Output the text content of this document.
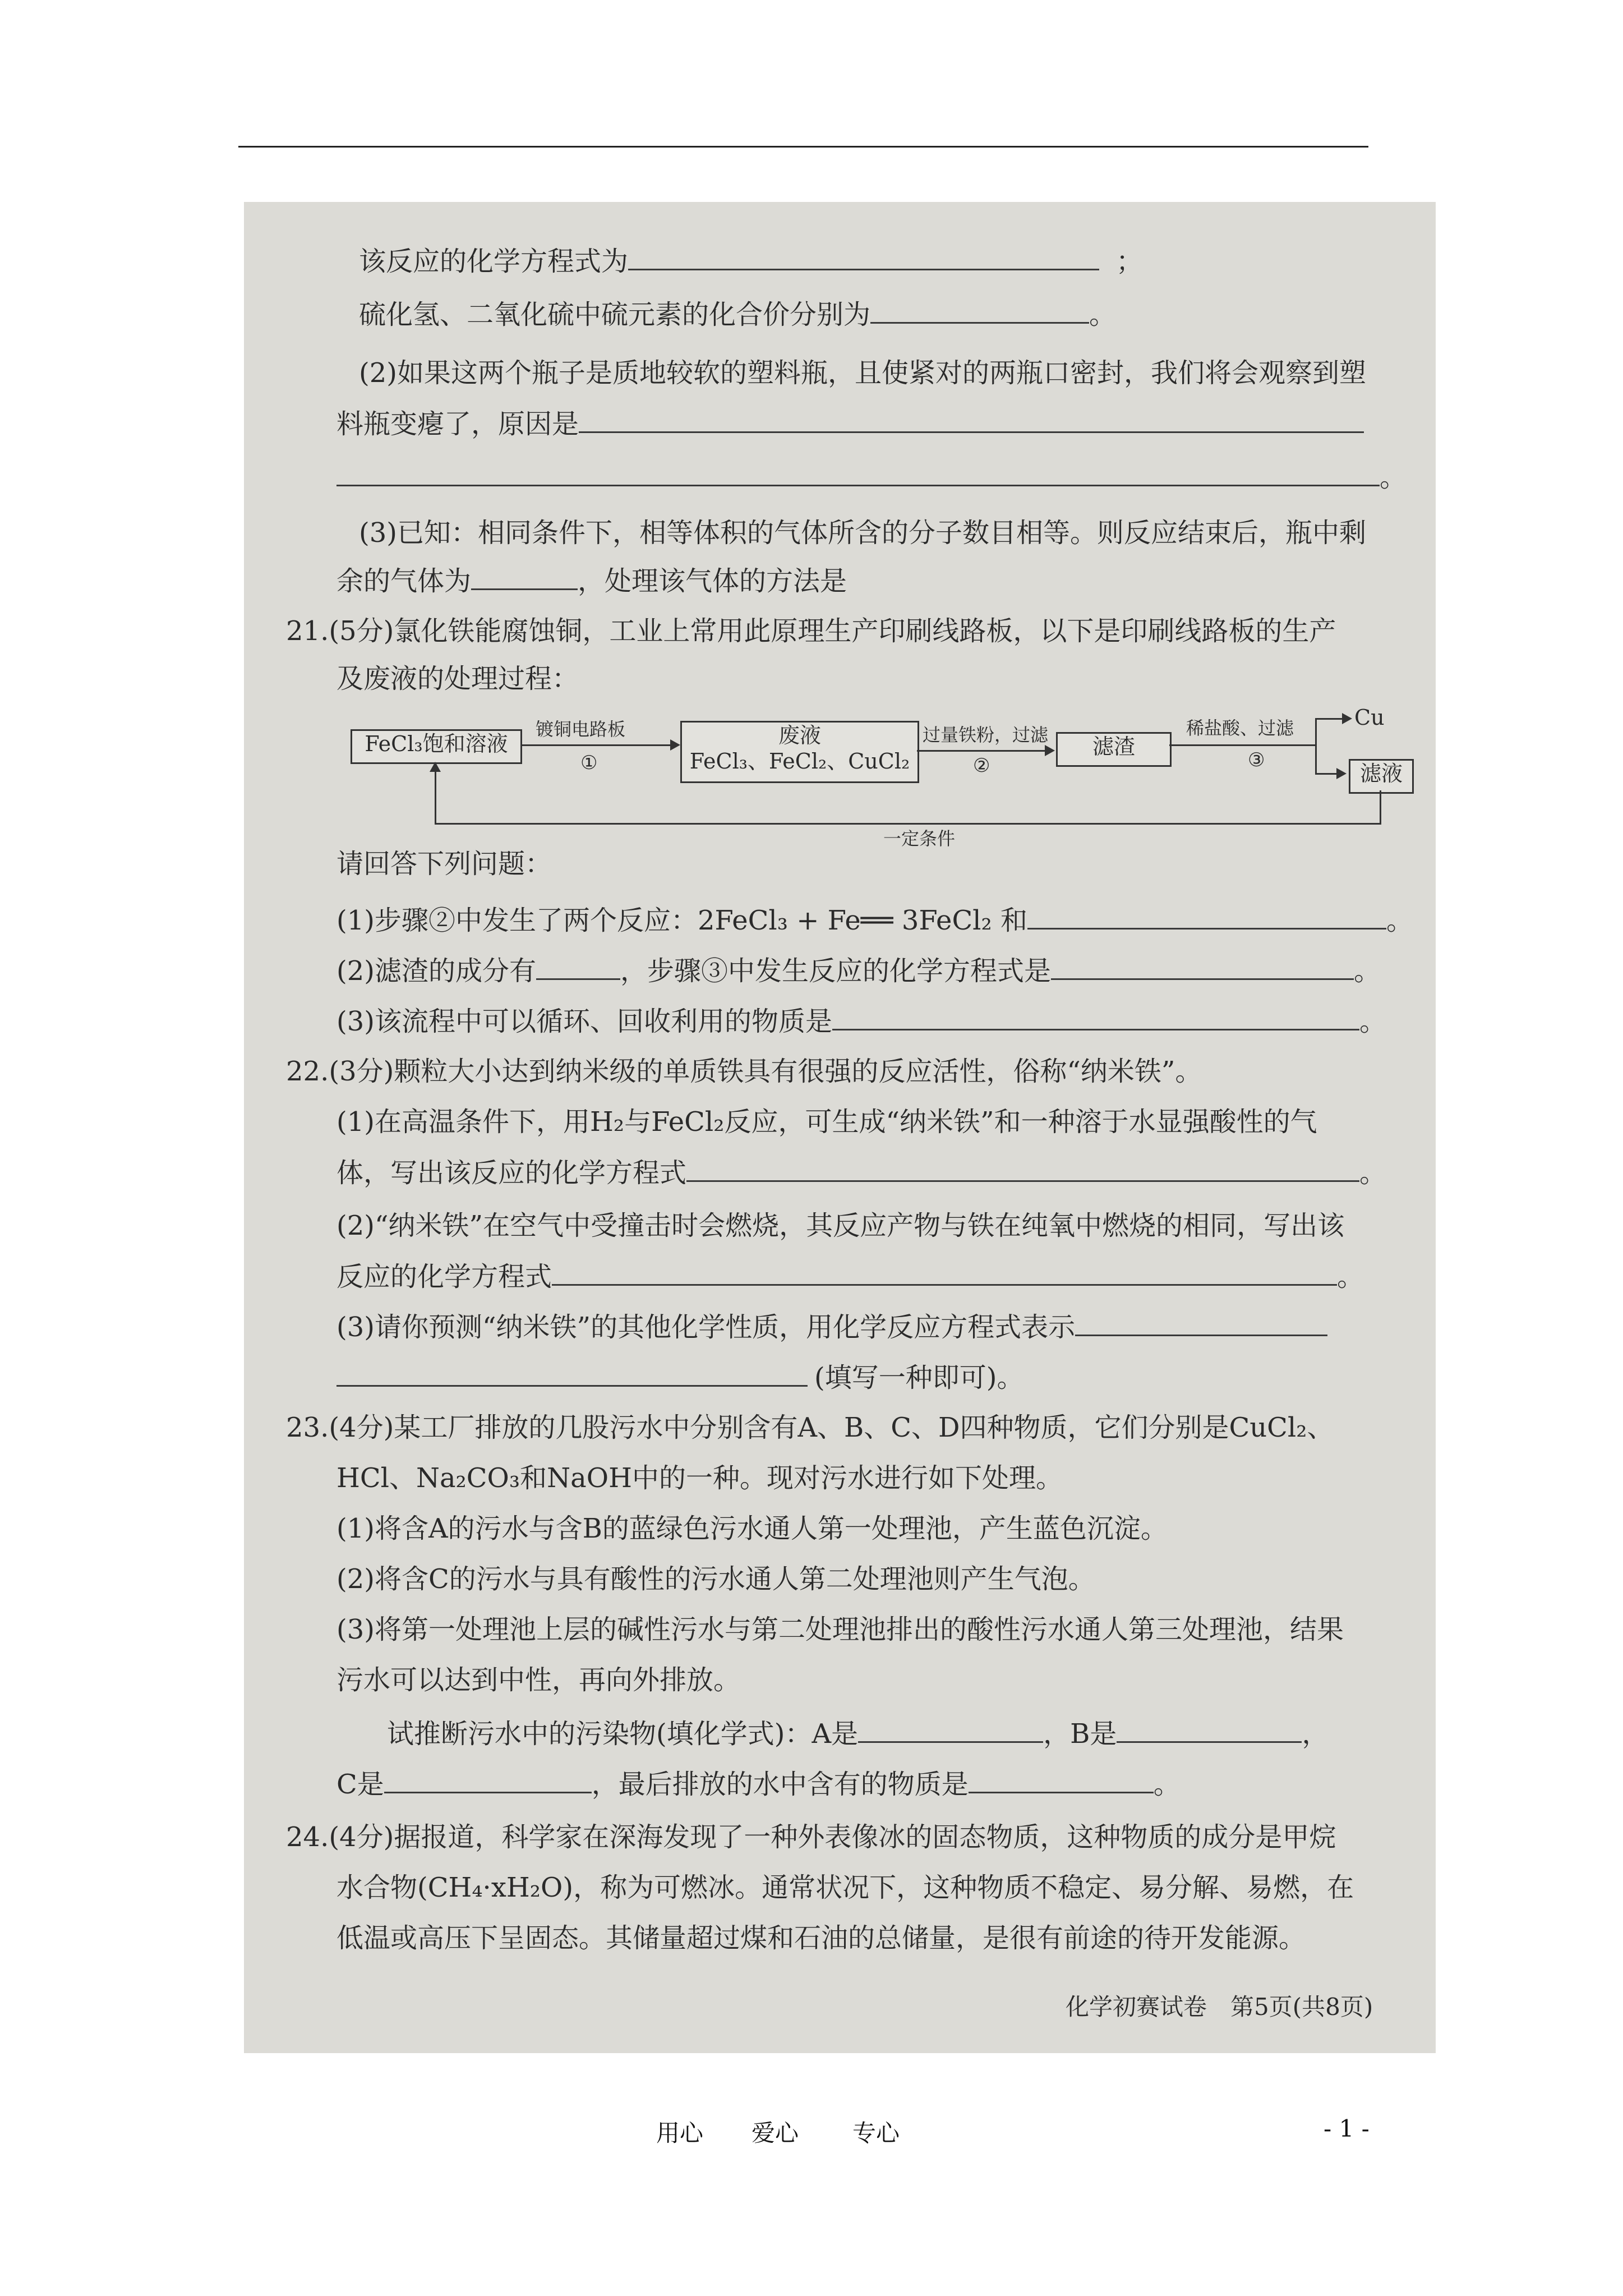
该反应的化学方程式为	；
硫化氢、二氧化硫中硫元素的化合价分别为	。
(2)如果这两个瓶子是质地较软的塑料瓶，且使紧对的两瓶口密封，我们将会观察到塑
料瓶变瘪了，原因是
。
(3)已知：相同条件下，相等体积的气体所含的分子数目相等。则反应结束后，瓶中剩
余的气体为	，处理该气体的方法是
21.(5分)氯化铁能腐蚀铜，工业上常用此原理生产印刷线路板，以下是印刷线路板的生产
及废液的处理过程：
FeCl₃饱和溶液
镀铜电路板
①
废液
FeCl₃、FeCl₂、CuCl₂
过量铁粉，过滤
②
滤渣
稀盐酸、过滤
③
Cu
滤液
一定条件
请回答下列问题：
(1)步骤②中发生了两个反应：2FeCl₃ + Fe══ 3FeCl₂ 和	。
(2)滤渣的成分有	，步骤③中发生反应的化学方程式是	。
(3)该流程中可以循环、回收利用的物质是	。
22.(3分)颗粒大小达到纳米级的单质铁具有很强的反应活性，俗称“纳米铁”。
(1)在高温条件下，用H₂与FeCl₂反应，可生成“纳米铁”和一种溶于水显强酸性的气
体，写出该反应的化学方程式	。
(2)“纳米铁”在空气中受撞击时会燃烧，其反应产物与铁在纯氧中燃烧的相同，写出该
反应的化学方程式	。
(3)请你预测“纳米铁”的其他化学性质，用化学反应方程式表示
(填写一种即可)。
23.(4分)某工厂排放的几股污水中分别含有A、B、C、D四种物质，它们分别是CuCl₂、
HCl、Na₂CO₃和NaOH中的一种。现对污水进行如下处理。
(1)将含A的污水与含B的蓝绿色污水通人第一处理池，产生蓝色沉淀。
(2)将含C的污水与具有酸性的污水通人第二处理池则产生气泡。
(3)将第一处理池上层的碱性污水与第二处理池排出的酸性污水通人第三处理池，结果
污水可以达到中性，再向外排放。
试推断污水中的污染物(填化学式)：A是	，B是	，
C是	，最后排放的水中含有的物质是	。
24.(4分)据报道，科学家在深海发现了一种外表像冰的固态物质，这种物质的成分是甲烷
水合物(CH₄·xH₂O)，称为可燃冰。通常状况下，这种物质不稳定、易分解、易燃，在
低温或高压下呈固态。其储量超过煤和石油的总储量，是很有前途的待开发能源。
化学初赛试卷　第5页(共8页)
用心 爱心 专心	- 1 -
